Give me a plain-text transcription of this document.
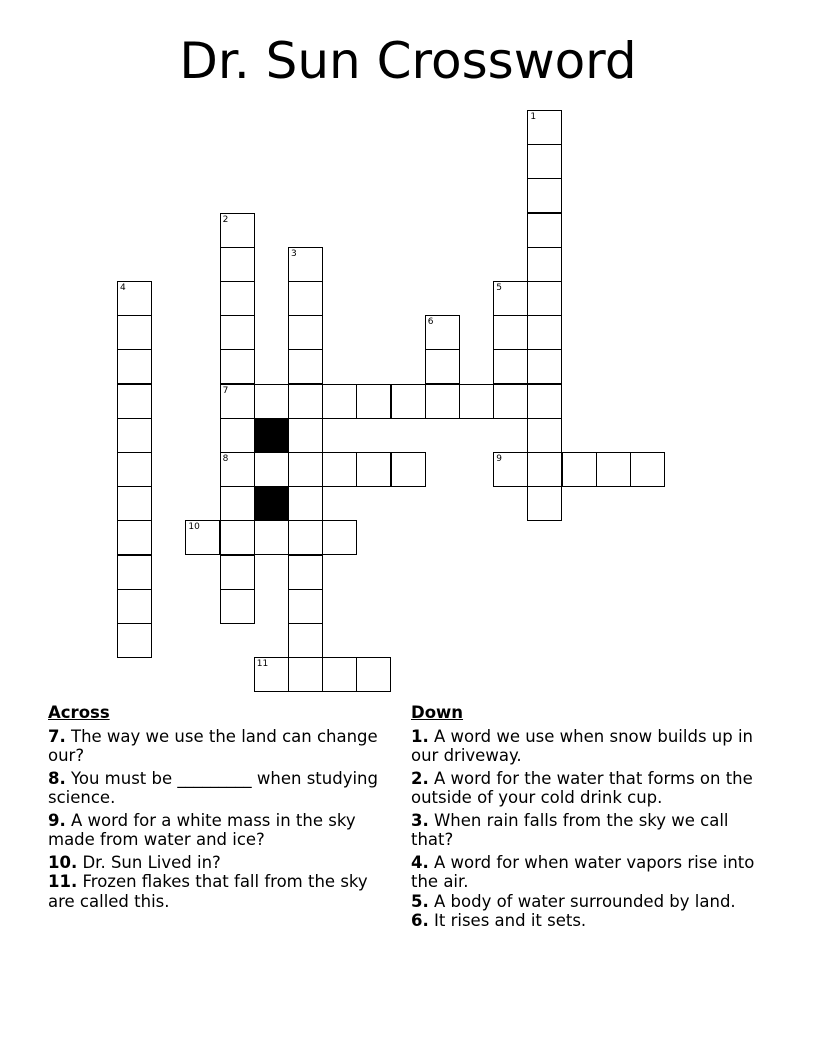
Dr. Sun Crossword
1
2
7
8
3
4	5
6
9
10
11
Across
7. The way we use the land can change our?
8. You must be _________ when studying science.
9. A word for a white mass in the sky made from water and ice?
10. Dr. Sun Lived in?
11. Frozen flakes that fall from the sky are called this.
Down
1. A word we use when snow builds up in our driveway.
2. A word for the water that forms on the outside of your cold drink cup.
3. When rain falls from the sky we call that?
4. A word for when water vapors rise into the air.
5. A body of water surrounded by land.
6. It rises and it sets.
